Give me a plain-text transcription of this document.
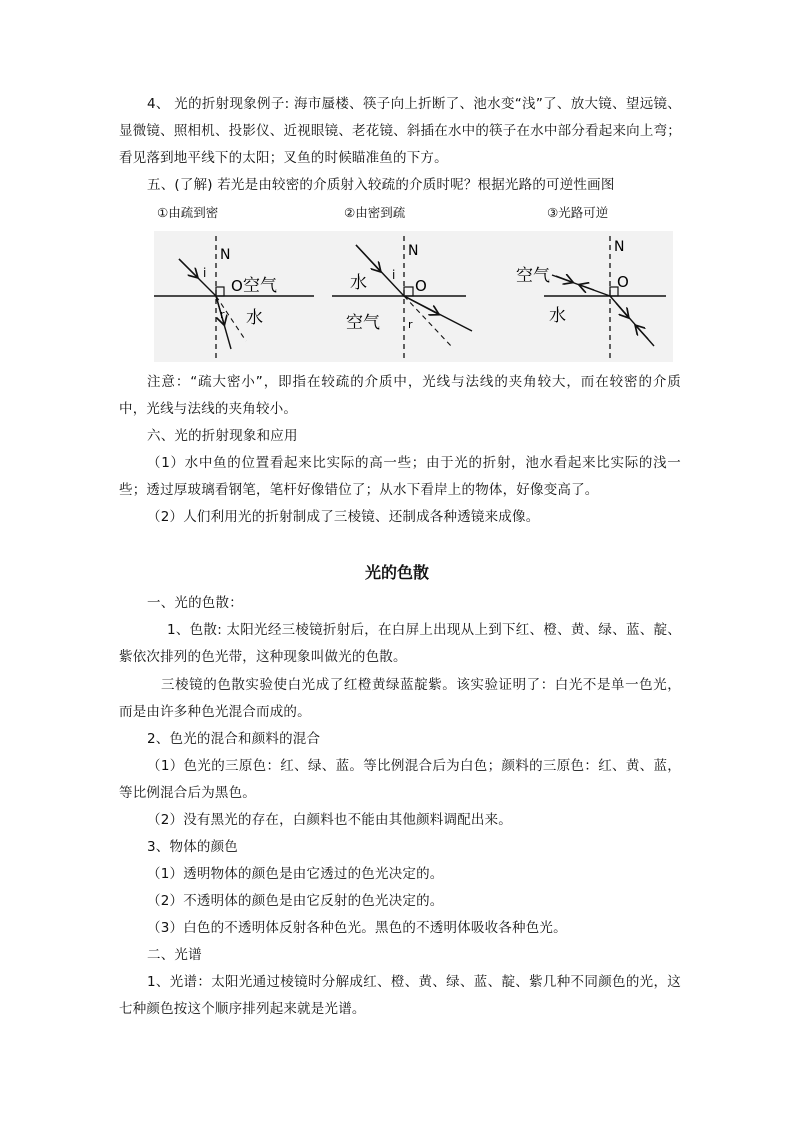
4、 光的折射现象例子: 海市蜃楼、筷子向上折断了、池水变“浅”了、放大镜、望远镜、显微镜、照相机、投影仪、近视眼镜、老花镜、斜插在水中的筷子在水中部分看起来向上弯；看见落到地平线下的太阳；叉鱼的时候瞄准鱼的下方。

五、(了解) 若光是由较密的介质射入较疏的介质时呢？根据光路的可逆性画图

①由疏到密	②由密到疏	③光路可逆
N
i
O 空气
r 水
N
i
O
水
空气	r
N
O
空气
水

注意：“疏大密小”，即指在较疏的介质中，光线与法线的夹角较大，而在较密的介质中，光线与法线的夹角较小。

六、光的折射现象和应用

（1）水中鱼的位置看起来比实际的高一些；由于光的折射，池水看起来比实际的浅一些；透过厚玻璃看钢笔，笔杆好像错位了；从水下看岸上的物体，好像变高了。

（2）人们利用光的折射制成了三棱镜、还制成各种透镜来成像。

光的色散

一、光的色散：

1、色散: 太阳光经三棱镜折射后，在白屏上出现从上到下红、橙、黄、绿、蓝、靛、紫依次排列的色光带，这种现象叫做光的色散。

三棱镜的色散实验使白光成了红橙黄绿蓝靛紫。该实验证明了：白光不是单一色光，而是由许多种色光混合而成的。

2、色光的混合和颜料的混合

（1）色光的三原色：红、绿、蓝。等比例混合后为白色；颜料的三原色：红、黄、蓝，等比例混合后为黑色。

（2）没有黑光的存在，白颜料也不能由其他颜料调配出来。

3、物体的颜色

（1）透明物体的颜色是由它透过的色光决定的。

（2）不透明体的颜色是由它反射的色光决定的。

（3）白色的不透明体反射各种色光。黑色的不透明体吸收各种色光。

二、光谱

1、光谱：太阳光通过棱镜时分解成红、橙、黄、绿、蓝、靛、紫几种不同颜色的光，这七种颜色按这个顺序排列起来就是光谱。
